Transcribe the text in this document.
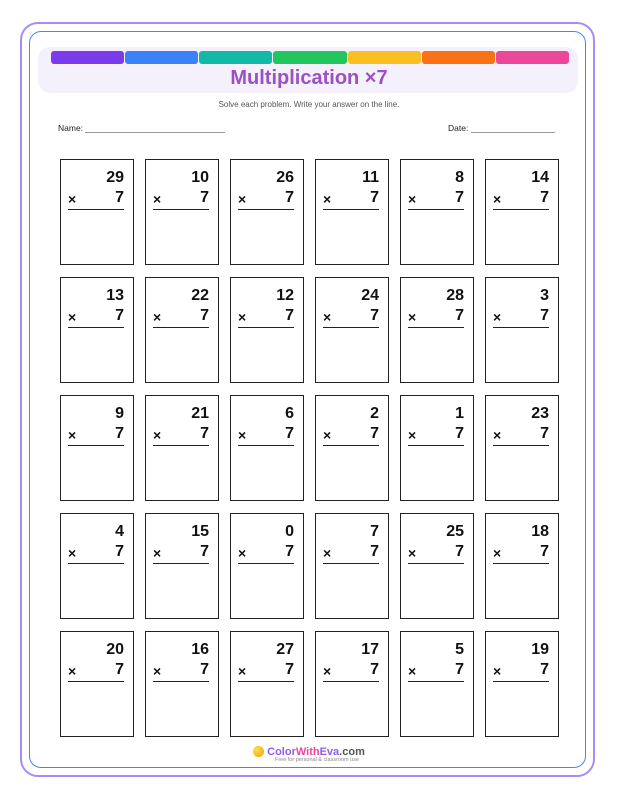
Multiplication ×7
Solve each problem. Write your answer on the line.
Name:	Date:
29
× 7
10
× 7
26
× 7
11
× 7
8
× 7
14
× 7
13
× 7
22
× 7
12
× 7
24
× 7
28
× 7
3
× 7
9
× 7
21
× 7
6
× 7
2
× 7
1
× 7
23
× 7
4
× 7
15
× 7
0
× 7
7
× 7
25
× 7
18
× 7
20
× 7
16
× 7
27
× 7
17
× 7
5
× 7
19
× 7
ColorWithEva.com
Free for personal & classroom use
